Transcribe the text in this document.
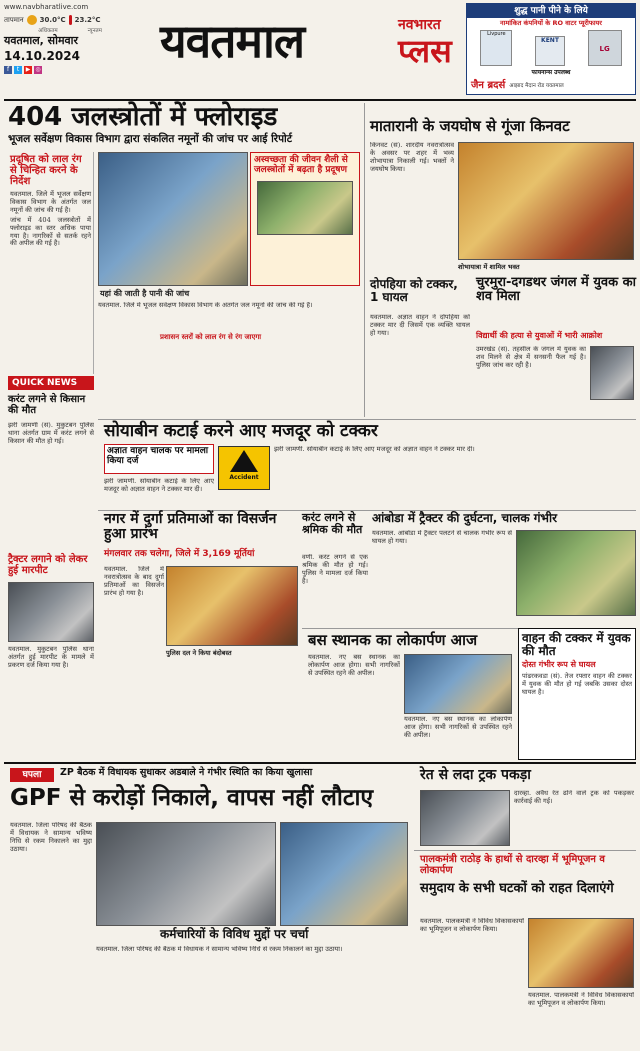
www.navbharatlive.com
तापमान 30.0°C 23.2°C
अधिकतम	न्यूनतम
यवतमाल, सोमवार
14.10.2024
f	t	▶ ◎
यवतमाल	नवभारत
प्लस
शुद्ध पानी पीने के लिये
नामांकित कंपनियों के RO वाटर प्यूरीफायर
Livpure
KENT
LG
फायनान्स उपलब्ध
जैन ब्रदर्स आझाद मैदान रोड यवतमाल
404 जलस्त्रोतों में फ्लोराइड
भूजल सर्वेक्षण विकास विभाग द्वारा संकलित नमूनों की जांच पर आई रिपोर्ट
प्रदूषित को लाल रंग से चिन्हित करने के निर्देश
यवतमाल. जिले में भूजल सर्वेक्षण विकास विभाग के अंतर्गत जल नमूनों की जांच की गई है।
जांच में 404 जलस्त्रोतों में फ्लोराइड का स्तर अधिक पाया गया है। नागरिकों से सतर्क रहने की अपील की गई है।
अस्वच्छता की जीवन शैली से जलस्त्रोतों में बढ़ता है प्रदूषण
यहां की जाती है पानी की जांच
यवतमाल. जिले में भूजल सर्वेक्षण विकास विभाग के अंतर्गत जल नमूनों की जांच की गई है।
प्रशासन स्तरों को लाल रंग से रंग जाएगा
QUICK NEWS
करंट लगने से किसान की मौत
झरी जामणी (सं). मुकुटबन पुलिस थाना अंतर्गत ग्राम में करंट लगने से किसान की मौत हो गई।
ट्रैक्टर लगाने को लेकर हुई मारपीट
यवतमाल. मुकुटबन पुलिस थाना अंतर्गत हुई मारपीट के मामले में प्रकरण दर्ज किया गया है।
मातारानी के जयघोष से गूंजा किनवट
किनवट (सं). शारदीय नवरात्रोत्सव के अवसर पर शहर में भव्य शोभायात्रा निकाली गई। भक्तों ने जयघोष किया।
शोभायात्रा में शामिल भक्त
दोपहिया को टक्कर, 1 घायल
यवतमाल. अज्ञात वाहन ने दोपहिया को टक्कर मार दी जिसमें एक व्यक्ति घायल हो गया।
चुरमुरा-दगडथर जंगल में युवक का शव मिला
विद्यार्थी की हत्या से युवाओं में भारी आक्रोश
उमरखेड (सं). तहसील के जंगल में युवक का शव मिलने से क्षेत्र में सनसनी फैल गई है। पुलिस जांच कर रही है।
सोयाबीन कटाई करने आए मजदूर को टक्कर
अज्ञात वाहन चालक पर मामला किया दर्ज
Accident
झरी जामणी. सोयाबीन कटाई के लिए आए मजदूर को अज्ञात वाहन ने टक्कर मार दी।
झरी जामणी. सोयाबीन कटाई के लिए आए मजदूर को अज्ञात वाहन ने टक्कर मार दी।
नगर में दुर्गा प्रतिमाओं का विसर्जन हुआ प्रारंभ
मंगलवार तक चलेगा, जिले में 3,169 मूर्तियां
यवतमाल. जिले में नवरात्रोत्सव के बाद दुर्गा प्रतिमाओं का विसर्जन प्रारंभ हो गया है।
पुलिस दल ने किया बंदोबस्त
करंट लगने से श्रमिक की मौत
वणी. करंट लगने से एक श्रमिक की मौत हो गई। पुलिस ने मामला दर्ज किया है।
आंबोडा में ट्रैक्टर की दुर्घटना, चालक गंभीर
यवतमाल. आंबोडा में ट्रैक्टर पलटने से चालक गंभीर रूप से घायल हो गया।
बस स्थानक का लोकार्पण आज
यवतमाल. नए बस स्थानक का लोकार्पण आज होगा। सभी नागरिकों से उपस्थित रहने की अपील।
यवतमाल. नए बस स्थानक का लोकार्पण आज होगा। सभी नागरिकों से उपस्थित रहने की अपील।
वाहन की टक्कर में युवक की मौत
दोस्त गंभीर रूप से घायल
पांढरकवडा (सं). तेज रफ्तार वाहन की टक्कर में युवक की मौत हो गई जबकि उसका दोस्त घायल है।
घपला	ZP बैठक में विधायक सुधाकर अडबाले ने गंभीर स्थिति का किया खुलासा
GPF से करोड़ों निकाले, वापस नहीं लौटाए
यवतमाल. जिला परिषद की बैठक में विधायक ने सामान्य भविष्य निधि से रकम निकालने का मुद्दा उठाया।
कर्मचारियों के विविध मुद्दों पर चर्चा
यवतमाल. जिला परिषद की बैठक में विधायक ने सामान्य भविष्य निधि से रकम निकालने का मुद्दा उठाया।
रेत से लदा ट्रक पकड़ा
दारव्हा. अवैध रेत ढोने वाले ट्रक को पकड़कर कार्रवाई की गई।
पालकमंत्री राठोड़ के हाथों से दारव्हा में भूमिपूजन व लोकार्पण
समुदाय के सभी घटकों को राहत दिलाएंगे
यवतमाल. पालकमंत्री ने विविध विकासकार्यों का भूमिपूजन व लोकार्पण किया।
यवतमाल. पालकमंत्री ने विविध विकासकार्यों का भूमिपूजन व लोकार्पण किया।
